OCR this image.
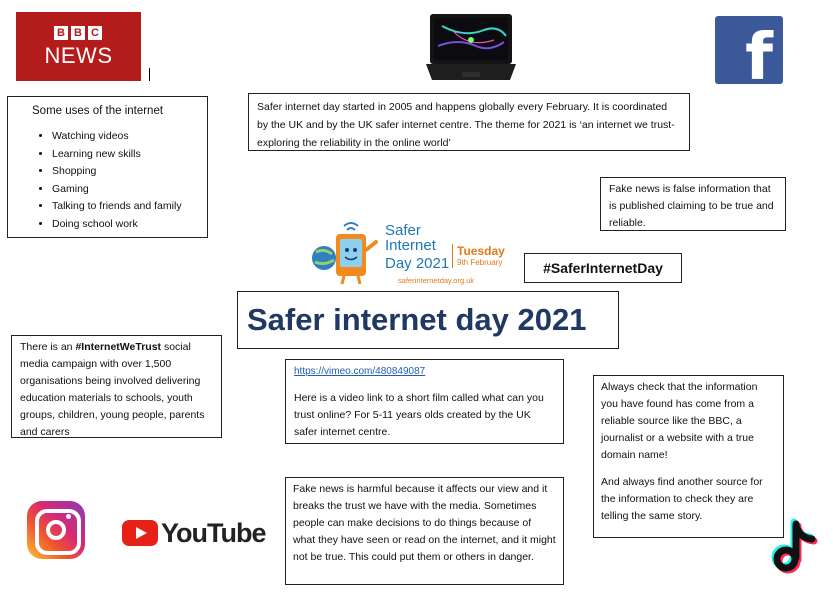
B B C
NEWS	f
Some uses of the internet
• Watching videos
• Learning new skills
• Shopping
• Gaming
• Talking to friends and family
• Doing school work

Safer internet day started in 2005 and happens globally every February. It is coordinated by the UK and by the UK safer internet centre. The theme for 2021 is ‘an internet we trust-exploring the reliability in the online world’

Fake news is false information that is published claiming to be true and reliable.

Safer Internet
Day 2021
Tuesday
9th February
saferinternetday.org.uk
#SaferInternetDay
Safer internet day 2021

There is an #InternetWeTrust social media campaign with over 1,500 organisations being involved delivering education materials to schools, youth groups, children, young people, parents and carers

https://vimeo.com/480849087

Here is a video link to a short film called what can you trust online? For 5-11 years olds created by the UK safer internet centre.

Always check that the information you have found has come from a reliable source like the BBC, a journalist or a website with a true domain name!

And always find another source for the information to check they are telling the same story.

Fake news is harmful because it affects our view and it breaks the trust we have with the media. Sometimes people can make decisions to do things because of what they have seen or read on the internet, and it might not be true. This could put them or others in danger.

YouTube
